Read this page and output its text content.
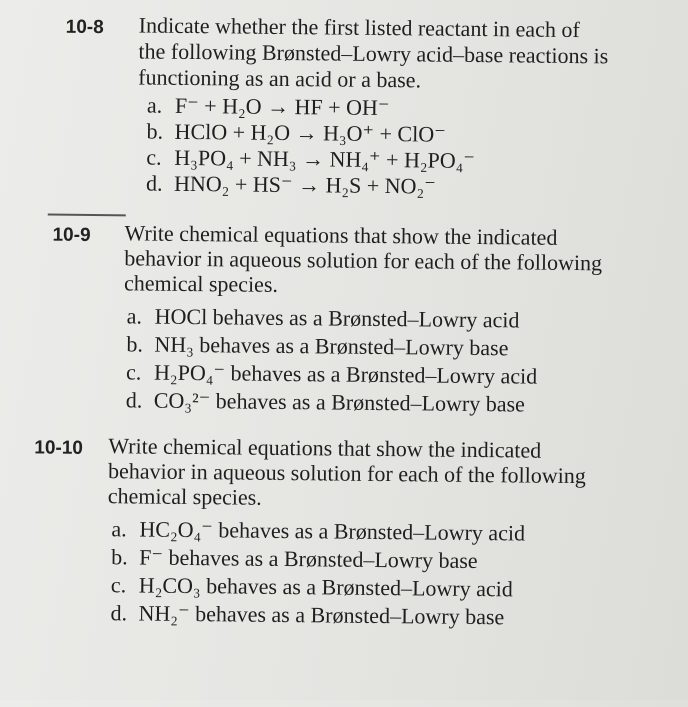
10-8 Indicate whether the first listed reactant in each of
the following Brønsted–Lowry acid–base reactions is
functioning as an acid or a base.
a. F⁻ + H₂O → HF + OH⁻
b. HClO + H₂O → H₃O⁺ + ClO⁻
c. H₃PO₄ + NH₃ → NH₄⁺ + H₂PO₄⁻
d. HNO₂ + HS⁻ → H₂S + NO₂⁻
10-9 Write chemical equations that show the indicated
behavior in aqueous solution for each of the following
chemical species.
a. HOCl behaves as a Brønsted–Lowry acid
b. NH₃ behaves as a Brønsted–Lowry base
c. H₂PO₄⁻ behaves as a Brønsted–Lowry acid
d. CO₃²⁻ behaves as a Brønsted–Lowry base
10-10 Write chemical equations that show the indicated
behavior in aqueous solution for each of the following
chemical species.
a. HC₂O₄⁻ behaves as a Brønsted–Lowry acid
b. F⁻ behaves as a Brønsted–Lowry base
c. H₂CO₃ behaves as a Brønsted–Lowry acid
d. NH₂⁻ behaves as a Brønsted–Lowry base
